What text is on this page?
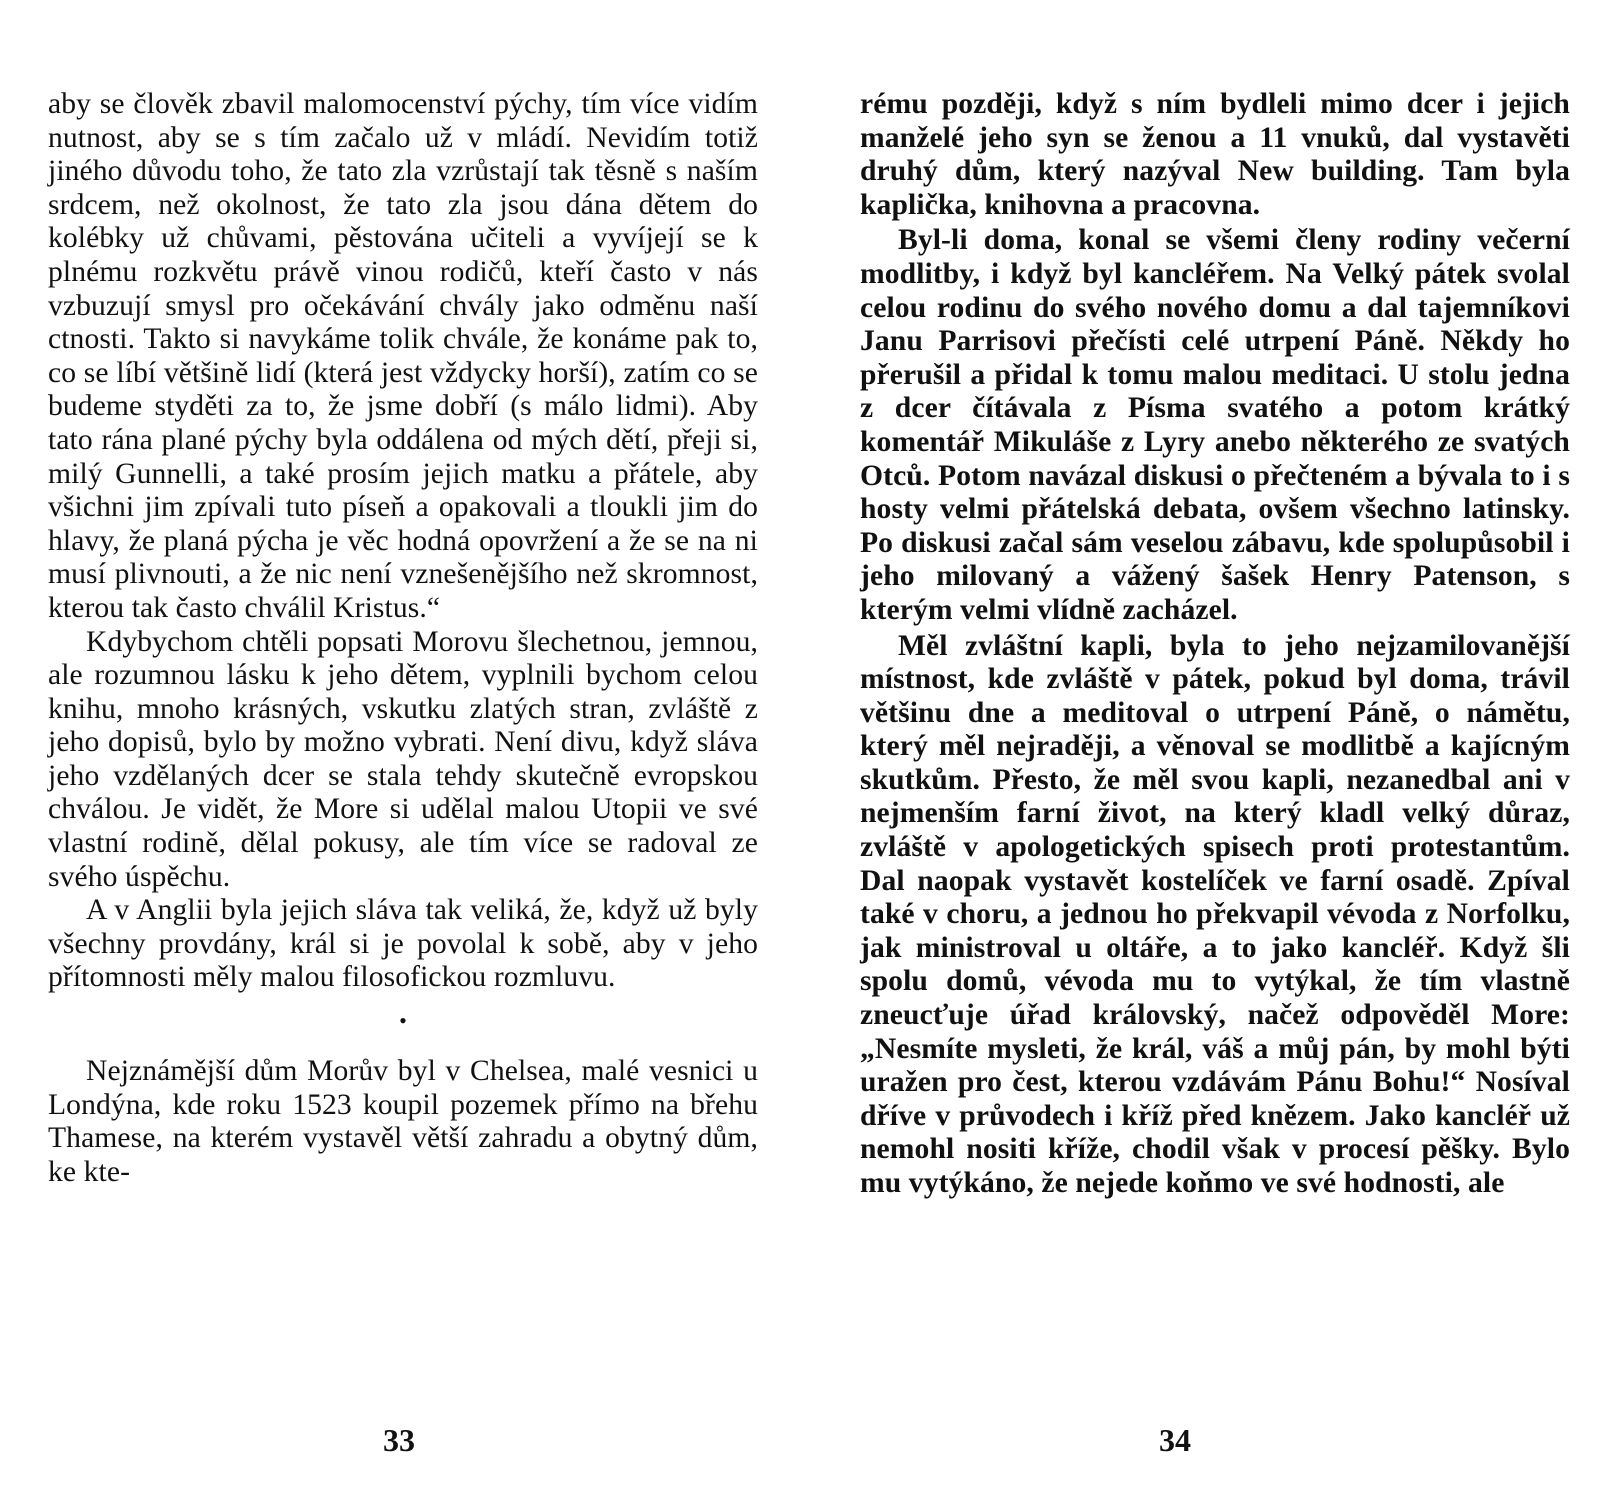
aby se člověk zbavil malomocenství pýchy, tím více vidím nutnost, aby se s tím začalo už v mládí. Nevidím totiž jiného důvodu toho, že tato zla vzrůstají tak těsně s naším srdcem, než okolnost, že tato zla jsou dána dětem do kolébky už chůvami, pěstována učiteli a vyvíjejí se k plnému rozkvětu právě vinou rodičů, kteří často v nás vzbuzují smysl pro očekávání chvály jako odměnu naší ctnosti. Takto si navykáme tolik chvále, že konáme pak to, co se líbí většině lidí (která jest vždycky horší), zatím co se budeme styděti za to, že jsme dobří (s málo lidmi). Aby tato rána plané pýchy byla oddálena od mých dětí, přeji si, milý Gunnelli, a také prosím jejich matku a přátele, aby všichni jim zpívali tuto píseň a opakovali a tloukli jim do hlavy, že planá pýcha je věc hodná opovržení a že se na ni musí plivnouti, a že nic není vznešenějšího než skromnost, kterou tak často chválil Kristus.“

Kdybychom chtěli popsati Morovu šlechetnou, jemnou, ale rozumnou lásku k jeho dětem, vyplnili bychom celou knihu, mnoho krásných, vskutku zlatých stran, zvláště z jeho dopisů, bylo by možno vybrati. Není divu, když sláva jeho vzdělaných dcer se stala tehdy skutečně evropskou chválou. Je vidět, že More si udělal malou Utopii ve své vlastní rodině, dělal pokusy, ale tím více se radoval ze svého úspěchu.

A v Anglii byla jejich sláva tak veliká, že, když už byly všechny provdány, král si je povolal k sobě, aby v jeho přítomnosti měly malou filosofickou rozmluvu.

•

Nejznámější dům Morův byl v Chelsea, malé vesnici u Londýna, kde roku 1523 koupil pozemek přímo na břehu Thamese, na kterém vystavěl větší zahradu a obytný dům, ke kte-

33

rému později, když s ním bydleli mimo dcer i jejich manželé jeho syn se ženou a 11 vnuků, dal vystavěti druhý dům, který nazýval New building. Tam byla kaplička, knihovna a pracovna.

Byl-li doma, konal se všemi členy rodiny večerní modlitby, i když byl kancléřem. Na Velký pátek svolal celou rodinu do svého nového domu a dal tajemníkovi Janu Parrisovi přečísti celé utrpení Páně. Někdy ho přerušil a přidal k tomu malou meditaci. U stolu jedna z dcer čítávala z Písma svatého a potom krátký komentář Mikuláše z Lyry anebo některého ze svatých Otců. Potom navázal diskusi o přečteném a bývala to i s hosty velmi přátelská debata, ovšem všechno latinsky. Po diskusi začal sám veselou zábavu, kde spolupůsobil i jeho milovaný a vážený šašek Henry Patenson, s kterým velmi vlídně zacházel.

Měl zvláštní kapli, byla to jeho nejzamilovanější místnost, kde zvláště v pátek, pokud byl doma, trávil většinu dne a meditoval o utrpení Páně, o námětu, který měl nejraději, a věnoval se modlitbě a kajícným skutkům. Přesto, že měl svou kapli, nezanedbal ani v nejmenším farní život, na který kladl velký důraz, zvláště v apologetických spisech proti protestantům. Dal naopak vystavět kostelíček ve farní osadě. Zpíval také v choru, a jednou ho překvapil vévoda z Norfolku, jak ministroval u oltáře, a to jako kancléř. Když šli spolu domů, vévoda mu to vytýkal, že tím vlastně zneucťuje úřad královský, načež odpověděl More: „Nesmíte mysleti, že král, váš a můj pán, by mohl býti uražen pro čest, kterou vzdávám Pánu Bohu!“ Nosíval dříve v průvodech i kříž před knězem. Jako kancléř už nemohl nositi kříže, chodil však v procesí pěšky. Bylo mu vytýkáno, že nejede koňmo ve své hodnosti, ale

34
